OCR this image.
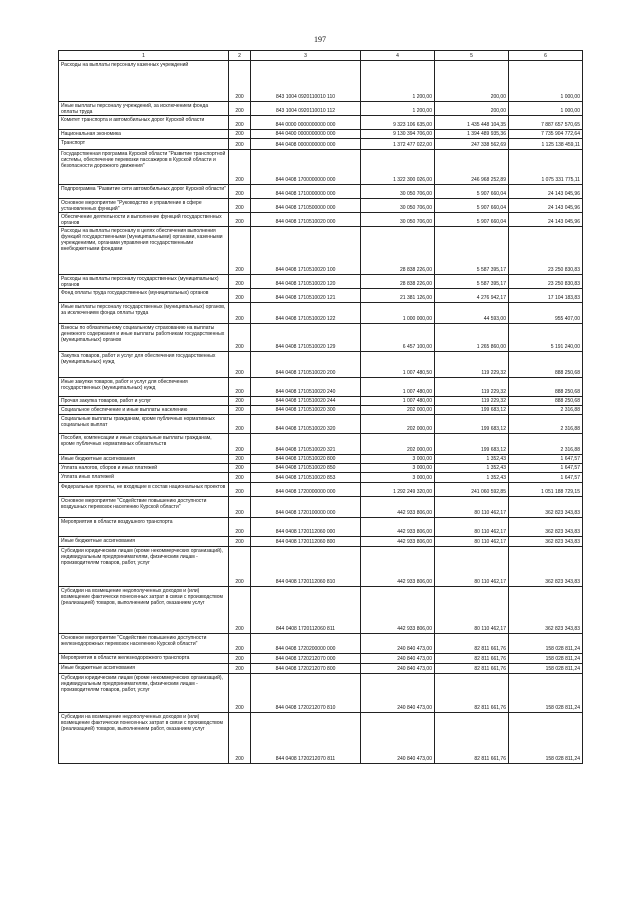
197
1	2	3	4	5	6
Расходы на выплаты персоналу казенных учреждений	200	843 1004 0920110010 110	1 200,00	200,00	1 000,00
Иные выплаты персоналу учреждений, за исключением фонда оплаты труда	200	843 1004 0920110010 112	1 200,00	200,00	1 000,00
Комитет транспорта и автомобильных дорог Курской области	200	844 0000 0000000000 000	9 323 106 635,00	1 435 448 104,35	7 887 657 570,65
Национальная экономика	200	844 0400 0000000000 000	9 130 394 706,00	1 394 489 935,36	7 735 904 772,64
Транспорт	200	844 0408 0000000000 000	1 372 477 022,00	247 338 562,69	1 125 138 459,11
Государственная программа Курской области "Развитие транспортной системы, обеспечение перевозки пассажиров в Курской области и безопасности дорожного движения"	200	844 0408 1700000000 000	1 322 300 026,00	246 968 252,89	1 075 331 775,11
Подпрограмма "Развитие сети автомобильных дорог Курской области"	200	844 0408 1710000000 000	30 050 706,00	5 907 660,04	24 143 045,96
Основное мероприятие "Руководство и управление в сфере установленных функций"	200	844 0408 1710500000 000	30 050 706,00	5 907 660,04	24 143 045,96
Обеспечение деятельности и выполнение функций государственных органов	200	844 0408 1710510020 000	30 050 706,00	5 907 660,04	24 143 045,96
Расходы на выплаты персоналу в целях обеспечения выполнения функций государственными (муниципальными) органами, казенными учреждениями, органами управления государственными внебюджетными фондами	200	844 0408 1710510020 100	28 838 226,00	5 587 395,17	23 250 830,83
Расходы на выплаты персоналу государственных (муниципальных) органов	200	844 0408 1710510020 120	28 838 226,00	5 587 395,17	23 250 830,83
Фонд оплаты труда государственных (муниципальных) органов	200	844 0408 1710510020 121	21 381 126,00	4 276 942,17	17 104 183,83
Иные выплаты персоналу государственных (муниципальных) органов, за исключением фонда оплаты труда	200	844 0408 1710510020 122	1 000 000,00	44 593,00	955 407,00
Взносы по обязательному социальному страхованию на выплаты денежного содержания и иные выплаты работникам государственных (муниципальных) органов	200	844 0408 1710510020 129	6 457 100,00	1 265 860,00	5 191 240,00
Закупка товаров, работ и услуг для обеспечения государственных (муниципальных) нужд	200	844 0408 1710510020 200	1 007 480,50	119 229,32	888 250,68
Иные закупки товаров, работ и услуг для обеспечения государственных (муниципальных) нужд	200	844 0408 1710510020 240	1 007 480,00	119 229,32	888 250,68
Прочая закупка товаров, работ и услуг	200	844 0408 1710510020 244	1 007 480,00	119 229,32	888 250,68
Социальное обеспечение и иные выплаты населению	200	844 0408 1710510020 300	202 000,00	199 683,12	2 316,88
Социальные выплаты гражданам, кроме публичных нормативных социальных выплат	200	844 0408 1710510020 320	202 000,00	199 683,12	2 316,88
Пособия, компенсации и иные социальные выплаты гражданам, кроме публичных нормативных обязательств	200	844 0408 1710510020 321	202 000,00	199 683,12	2 316,88
Иные бюджетные ассигнования	200	844 0408 1710510020 800	3 000,00	1 352,43	1 647,57
Уплата налогов, сборов и иных платежей	200	844 0408 1710510020 850	3 000,00	1 352,43	1 647,57
Уплата иных платежей	200	844 0408 1710510020 853	3 000,00	1 352,43	1 647,57
Федеральные проекты, не входящие в состав национальных проектов	200	844 0408 1720000000 000	1 292 249 320,00	241 060 592,85	1 051 188 729,15
Основное мероприятие "Содействие повышению доступности воздушных перевозок населению Курской области"	200	844 0408 1720100000 000	442 933 806,00	80 110 462,17	362 823 343,83
Мероприятия в области воздушного транспорта	200	844 0408 1720112060 000	442 933 806,00	80 110 462,17	362 823 343,83
Иные бюджетные ассигнования	200	844 0408 1720112060 800	442 933 806,00	80 110 462,17	362 823 343,83
Субсидии юридическим лицам (кроме некоммерческих организаций), индивидуальным предпринимателям, физическим лицам - производителям товаров, работ, услуг	200	844 0408 1720112060 810	442 933 806,00	80 110 462,17	362 823 343,83
Субсидии на возмещение недополученных доходов и (или) возмещение фактически понесенных затрат в связи с производством (реализацией) товаров, выполнением работ, оказанием услуг	200	844 0408 1720112060 811	442 933 806,00	80 110 462,17	362 823 343,83
Основное мероприятие "Содействие повышению доступности железнодорожных перевозок населению Курской области"	200	844 0408 1720200000 000	240 840 473,00	82 811 661,76	158 028 811,24
Мероприятия в области железнодорожного транспорта	200	844 0408 1720212070 000	240 840 473,00	82 811 661,76	158 028 811,24
Иные бюджетные ассигнования	200	844 0408 1720212070 800	240 840 473,00	82 811 661,76	158 028 811,24
Субсидии юридическим лицам (кроме некоммерческих организаций), индивидуальным предпринимателям, физическим лицам - производителям товаров, работ, услуг	200	844 0408 1720212070 810	240 840 473,00	82 811 661,76	158 028 811,24
Субсидии на возмещение недополученных доходов и (или) возмещение фактически понесенных затрат в связи с производством (реализацией) товаров, выполнением работ, оказанием услуг	200	844 0408 1720212070 811	240 840 473,00	82 811 661,76	158 028 811,24
